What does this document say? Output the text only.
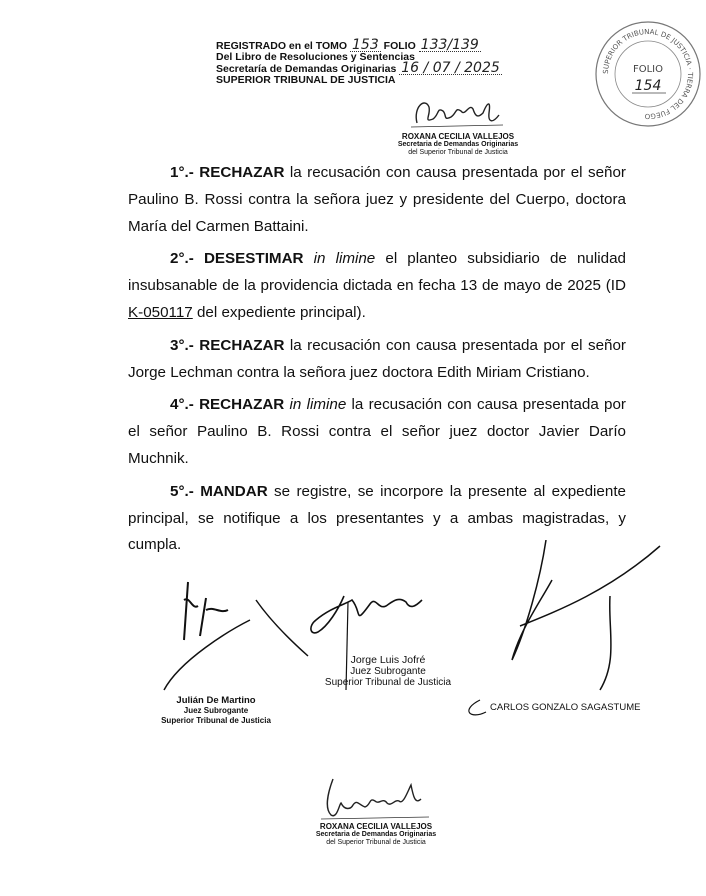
REGISTRADO en el TOMO 153 FOLIO 133/139
Del Libro de Resoluciones y Sentencias
Secretaría de Demandas Originarias 16 / 07 / 2025
SUPERIOR TRIBUNAL DE JUSTICIA
SUPERIOR TRIBUNAL DE JUSTICIA · TIERRA DEL FUEGO
FOLIO
154
ROXANA CECILIA VALLEJOS
Secretaria de Demandas Originarias
del Superior Tribunal de Justicia

1°.- RECHAZAR la recusación con causa presentada por el señor Paulino B. Rossi contra la señora juez y presidente del Cuerpo, doctora María del Carmen Battaini.

2°.- DESESTIMAR in limine el planteo subsidiario de nulidad insubsanable de la providencia dictada en fecha 13 de mayo de 2025 (ID K-050117 del expediente principal).

3°.- RECHAZAR la recusación con causa presentada por el señor Jorge Lechman contra la señora juez doctora Edith Miriam Cristiano.

4°.- RECHAZAR in limine la recusación con causa presentada por el señor Paulino B. Rossi contra el señor juez doctor Javier Darío Muchnik.

5°.- MANDAR se registre, se incorpore la presente al expediente principal, se notifique a los presentantes y a ambas magistradas, y cumpla.

Julián De Martino
Juez Subrogante
Superior Tribunal de Justicia
Jorge Luis Jofré
Juez Subrogante
Superior Tribunal de Justicia
CARLOS GONZALO SAGASTUME
ROXANA CECILIA VALLEJOS
Secretaria de Demandas Originarias
del Superior Tribunal de Justicia
